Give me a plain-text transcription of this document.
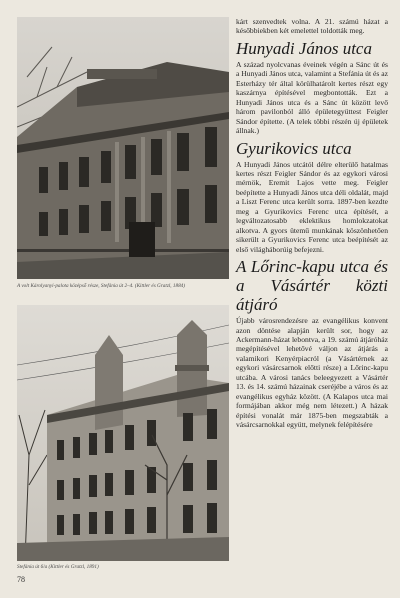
A volt Károlyanyi-palota középső része, Stefánia út 2–4. (Kittler és Gratzl, 1884)
Stefánia út 6/a (Kittler és Gratzl, 1891)

kárt szenvedtek volna. A 21. számú házat a későbbiekben két emelettel toldották meg.

Hunyadi János utca

A század nyolcvanas éveinek végén a Sánc út és a Hunyadi János utca, valamint a Stefánia út és az Esterházy tér által körülhatárolt kertes részt egy kaszárnya építésével megbontották. Ezt a Hunyadi János utca és a Sánc út között levő három pavilonból álló épületegyüttest Feigler Sándor építette. (A telek többi részén új épületek állnak.)

Gyurikovics utca

A Hunyadi János utcától délre elterülő hatalmas kertes részt Feigler Sándor és az egykori városi mérnök, Eremit Lajos vette meg. Feigler beépítette a Hunyadi János utca déli oldalát, majd a Liszt Ferenc utca került sorra. 1897-ben kezdte meg a Gyurikovics Ferenc utca építését, a legváltozatosabb eklektikus homlokzatokat alkotva. A gyors ütemű munkának köszönhetően sikerült a Gyurikovics Ferenc utca beépítését az első világháborúig befejezni.

A Lőrinc-kapu utca és a Vásártér közti átjáró

Újabb városrendezésre az evangélikus konvent azon döntése alapján került sor, hogy az Ackermann-házat lebontva, a 19. számú átjáróház megépítésével lehetővé váljon az átjárás a valamikori Kenyérpiacról (a Vásártérnek az egykori vásárcsarnok előtti része) a Lőrinc-kapu utcába. A városi tanács beleegyezett a Vásártér 13. és 14. számú házainak cseréjébe a város és az evangélikus egyház között. (A Kalapos utca mai formájában akkor még nem létezett.) A házak építési vonalát már 1875-ben megszabták a vásárcsarnokkal együtt, melynek felépítésére

78
